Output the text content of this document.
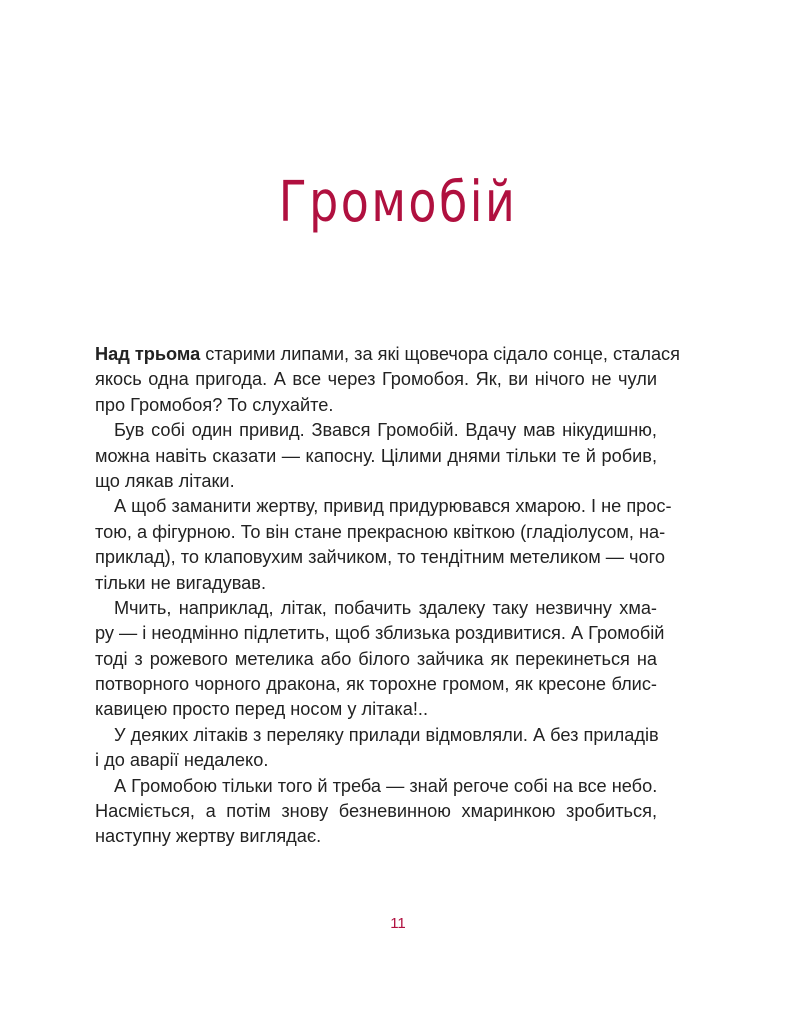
Громобій
Над трьома старими липами, за які щовечора сідало сонце, сталася
якось одна пригода. А все через Громобоя. Як, ви нічого не чули
про Громобоя? То слухайте.
Був собі один привид. Звався Громобій. Вдачу мав нікудишню,
можна навіть сказати — капосну. Цілими днями тільки те й робив,
що лякав літаки.
А щоб заманити жертву, привид придурювався хмарою. І не прос-
тою, а фігурною. То він стане прекрасною квіткою (гладіолусом, на-
приклад), то клаповухим зайчиком, то тендітним метеликом — чого
тільки не вигадував.
Мчить, наприклад, літак, побачить здалеку таку незвичну хма-
ру — і неодмінно підлетить, щоб зблизька роздивитися. А Громобій
тоді з рожевого метелика або білого зайчика як перекинеться на
потворного чорного дракона, як торохне громом, як кресоне блис-
кавицею просто перед носом у літака!..
У деяких літаків з переляку прилади відмовляли. А без приладів
і до аварії недалеко.
А Громобою тільки того й треба — знай регоче собі на все небо.
Насміється, а потім знову безневинною хмаринкою зробиться,
наступну жертву виглядає.
11
